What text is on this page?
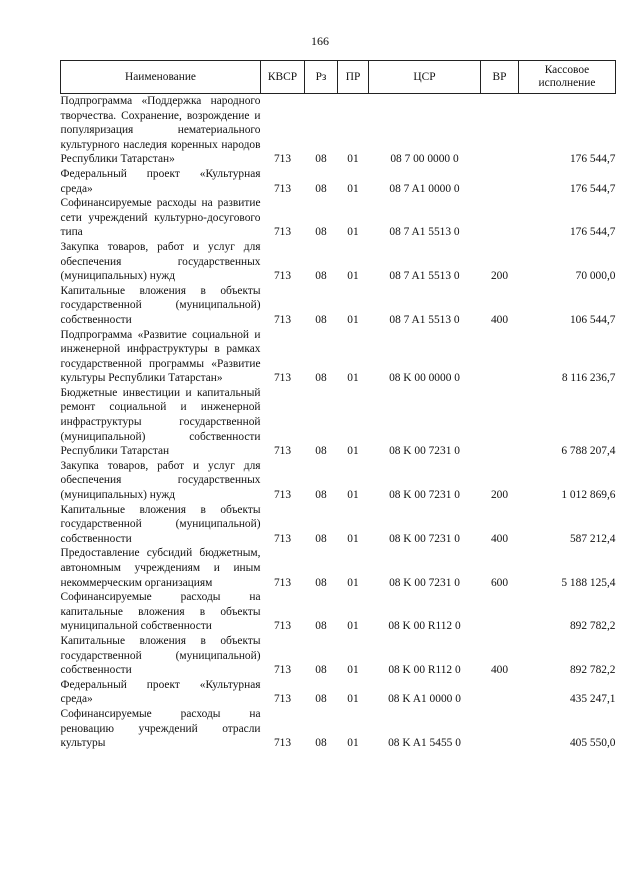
166
Наименование	КВСР	Рз	ПР	ЦСР	ВР	Кассовое исполнение
Подпрограмма «Поддержка народного творчества. Сохранение, возрождение и популяризация нематериального культурного наследия коренных народов Республики Татарстан»	713	08	01	08 7 00 0000 0		176 544,7
Федеральный проект «Культурная среда»	713	08	01	08 7 A1 0000 0		176 544,7
Софинансируемые расходы на развитие сети учреждений культурно-досугового типа	713	08	01	08 7 A1 5513 0		176 544,7
Закупка товаров, работ и услуг для обеспечения государственных (муниципальных) нужд	713	08	01	08 7 A1 5513 0	200	70 000,0
Капитальные вложения в объекты государственной (муниципальной) собственности	713	08	01	08 7 A1 5513 0	400	106 544,7
Подпрограмма «Развитие социальной и инженерной инфраструктуры в рамках государственной программы «Развитие культуры Республики Татарстан»	713	08	01	08 K 00 0000 0		8 116 236,7
Бюджетные инвестиции и капитальный ремонт социальной и инженерной инфраструктуры государственной (муниципальной) собственности Республики Татарстан	713	08	01	08 K 00 7231 0		6 788 207,4
Закупка товаров, работ и услуг для обеспечения государственных (муниципальных) нужд	713	08	01	08 K 00 7231 0	200	1 012 869,6
Капитальные вложения в объекты государственной (муниципальной) собственности	713	08	01	08 K 00 7231 0	400	587 212,4
Предоставление субсидий бюджетным, автономным учреждениям и иным некоммерческим организациям	713	08	01	08 K 00 7231 0	600	5 188 125,4
Софинансируемые расходы на капитальные вложения в объекты муниципальной собственности	713	08	01	08 K 00 R112 0		892 782,2
Капитальные вложения в объекты государственной (муниципальной) собственности	713	08	01	08 K 00 R112 0	400	892 782,2
Федеральный проект «Культурная среда»	713	08	01	08 K A1 0000 0		435 247,1
Софинансируемые расходы на реновацию учреждений отрасли культуры	713	08	01	08 K A1 5455 0		405 550,0
